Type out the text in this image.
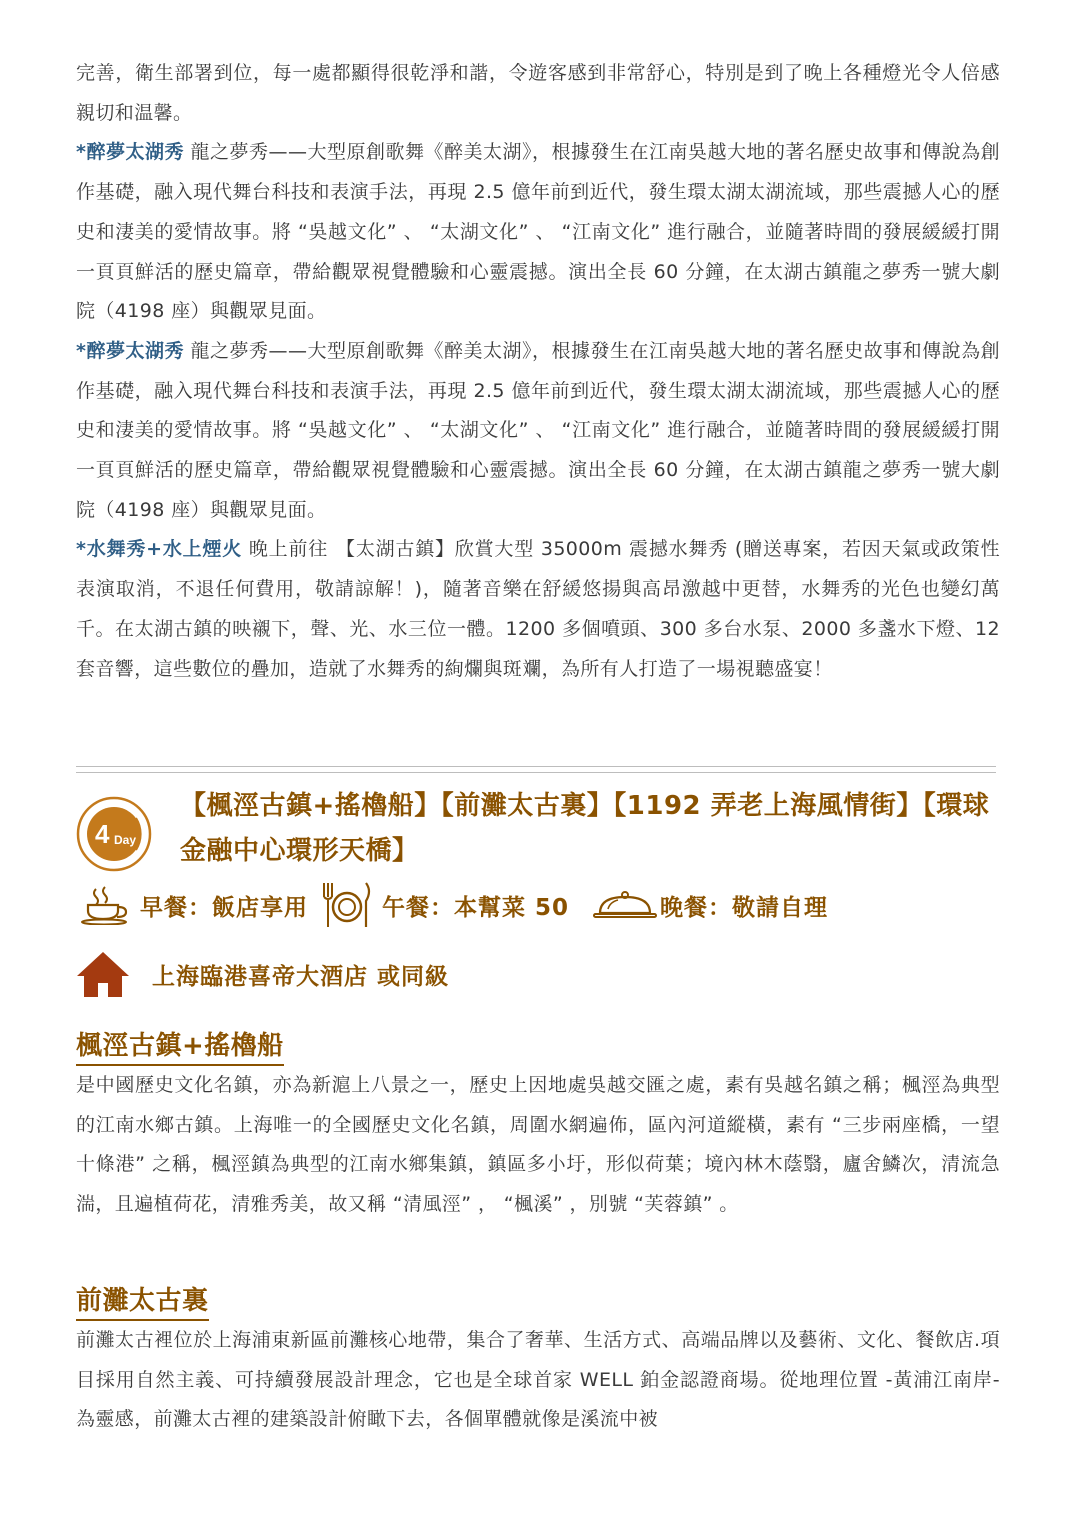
完善，衛生部署到位，每一處都顯得很乾淨和諧，令遊客感到非常舒心，特別是到了晚上各種燈光令人倍感親切和温馨。

*醉夢太湖秀 龍之夢秀——大型原創歌舞《醉美太湖》，根據發生在江南吳越大地的著名歷史故事和傳說為創作基礎，融入現代舞台科技和表演手法，再現 2.5 億年前到近代，發生環太湖太湖流域，那些震撼人心的歷史和淒美的愛情故事。將 “吳越文化” 、 “太湖文化” 、 “江南文化” 進行融合，並隨著時間的發展緩緩打開一頁頁鮮活的歷史篇章，帶給觀眾視覺體驗和心靈震撼。演出全長 60 分鐘，在太湖古鎮龍之夢秀一號大劇院（4198 座）與觀眾見面。

*醉夢太湖秀 龍之夢秀——大型原創歌舞《醉美太湖》，根據發生在江南吳越大地的著名歷史故事和傳說為創作基礎，融入現代舞台科技和表演手法，再現 2.5 億年前到近代，發生環太湖太湖流域，那些震撼人心的歷史和淒美的愛情故事。將 “吳越文化” 、 “太湖文化” 、 “江南文化” 進行融合，並隨著時間的發展緩緩打開一頁頁鮮活的歷史篇章，帶給觀眾視覺體驗和心靈震撼。演出全長 60 分鐘，在太湖古鎮龍之夢秀一號大劇院（4198 座）與觀眾見面。

*水舞秀+水上煙火 晚上前往 【太湖古鎮】欣賞大型 35000m 震撼水舞秀 (贈送專案，若因天氣或政策性表演取消，不退任何費用，敬請諒解！)，隨著音樂在舒緩悠揚與高昂激越中更替，水舞秀的光色也變幻萬千。在太湖古鎮的映襯下，聲、光、水三位一體。1200 多個噴頭、300 多台水泵、2000 多盞水下燈、12 套音響，這些數位的疊加，造就了水舞秀的絢爛與斑斕，為所有人打造了一場視聽盛宴！

4 Day
【楓涇古鎮+搖櫓船】【前灘太古裏】【1192 弄老上海風情街】【環球
金融中心環形天橋】
早餐：飯店享用	午餐：本幫菜 50	晚餐：敬請自理
上海臨港喜帝大酒店 或同級
楓涇古鎮+搖櫓船

是中國歷史文化名鎮，亦為新滬上八景之一，歷史上因地處吳越交匯之處，素有吳越名鎮之稱；楓涇為典型的江南水鄉古鎮。上海唯一的全國歷史文化名鎮，周圍水網遍佈，區內河道縱橫，素有 “三步兩座橋，一望十條港” 之稱，楓涇鎮為典型的江南水鄉集鎮，鎮區多小圩，形似荷葉；境內林木蔭翳，廬舍鱗次，清流急湍，且遍植荷花，清雅秀美，故又稱 “清風涇” ， “楓溪” ，別號 “芙蓉鎮” 。

前灘太古裏

前灘太古裡位於上海浦東新區前灘核心地帶，集合了奢華、生活方式、高端品牌以及藝術、文化、餐飲店.項目採用自然主義、可持續發展設計理念，它也是全球首家 WELL 鉑金認證商場。從地理位置 -黃浦江南岸- 為靈感，前灘太古裡的建築設計俯瞰下去，各個單體就像是溪流中被
